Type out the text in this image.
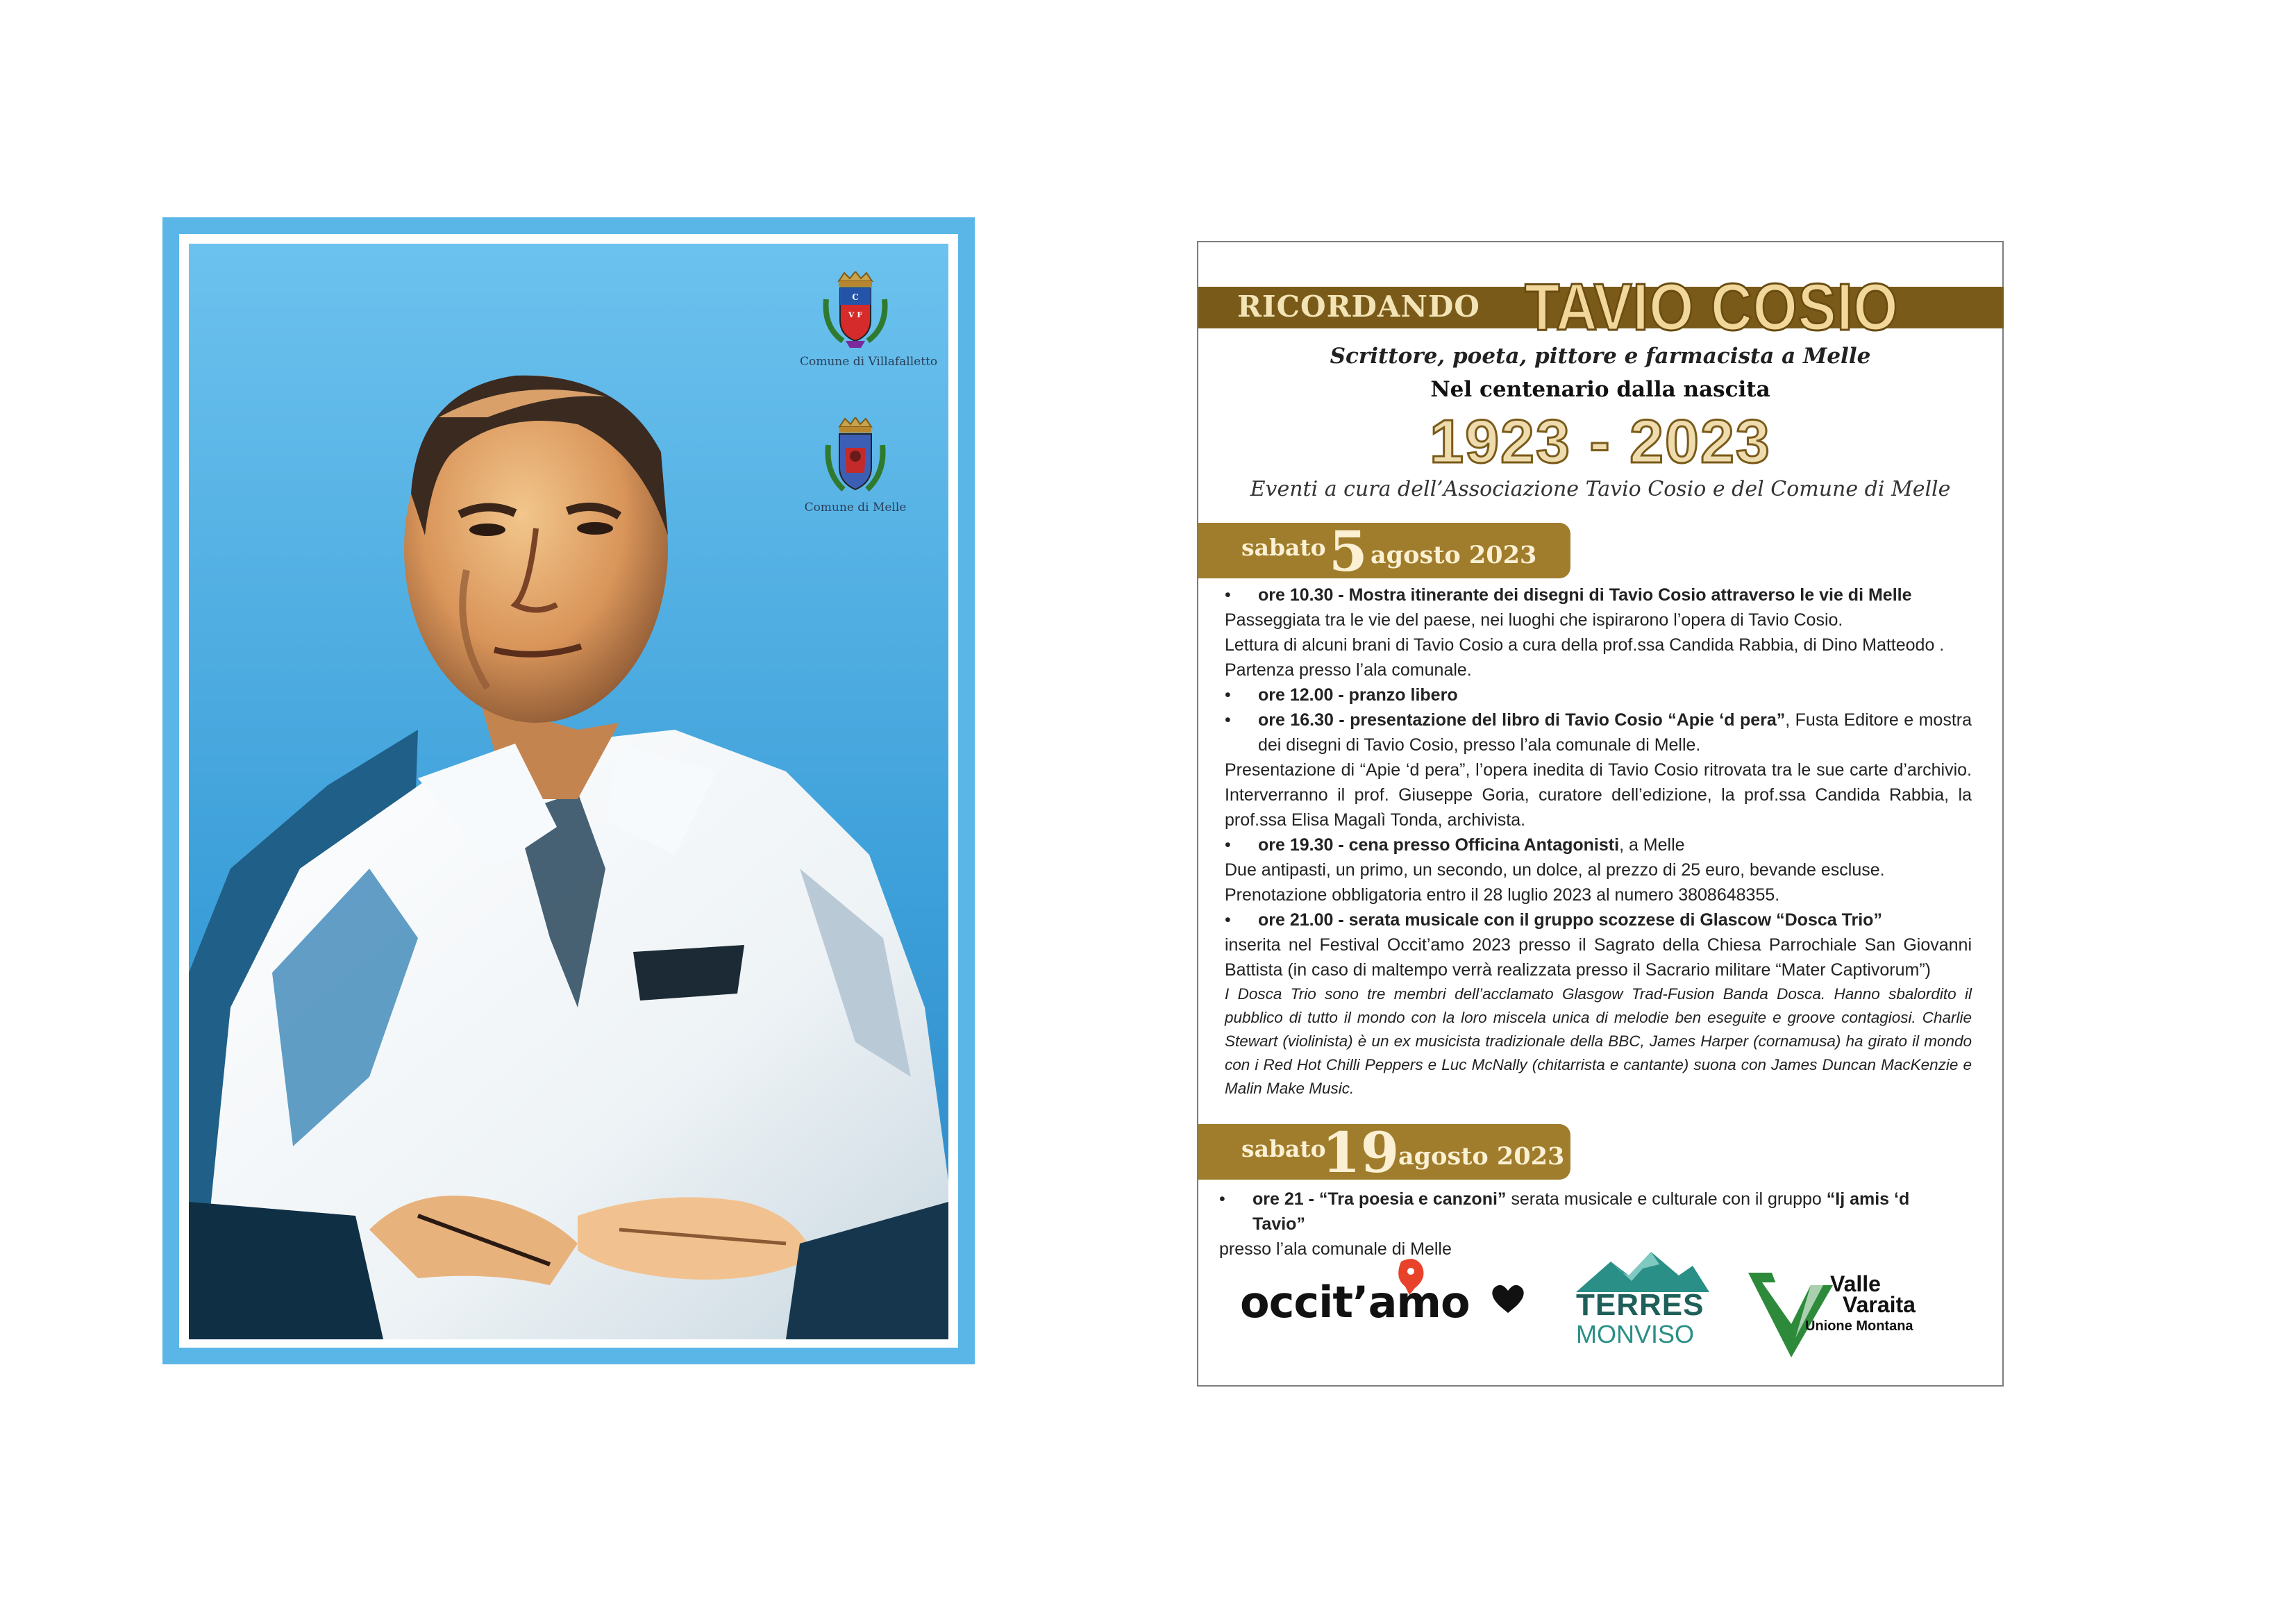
C
V F
Comune di Villafalletto
Comune di Melle
RICORDANDO TAVIO COSIO
Scrittore, poeta, pittore e farmacista a Melle
Nel centenario dalla nascita
1923 - 2023
Eventi a cura dell’Associazione Tavio Cosio e del Comune di Melle
sabato 5 agosto 2023

• ore 10.30 - Mostra itinerante dei disegni di Tavio Cosio attraverso le vie di Melle

Passeggiata tra le vie del paese, nei luoghi che ispirarono l’opera di Tavio Cosio.

Lettura di alcuni brani di Tavio Cosio a cura della prof.ssa Candida Rabbia, di Dino Matteodo .

Partenza presso l’ala comunale.

• ore 12.00 - pranzo libero

• ore 16.30 - presentazione del libro di Tavio Cosio “Apie ‘d pera”, Fusta Editore e mostra dei disegni di Tavio Cosio, presso l’ala comunale di Melle.

Presentazione di “Apie ‘d pera”, l’opera inedita di Tavio Cosio ritrovata tra le sue carte d’archivio. Interverranno il prof. Giuseppe Goria, curatore dell’edizione, la prof.ssa Candida Rabbia, la prof.ssa Elisa Magalì Tonda, archivista.

• ore 19.30 - cena presso Officina Antagonisti, a Melle

Due antipasti, un primo, un secondo, un dolce, al prezzo di 25 euro, bevande escluse.

Prenotazione obbligatoria entro il 28 luglio 2023 al numero 3808648355.

• ore 21.00 - serata musicale con il gruppo scozzese di Glascow “Dosca Trio”

inserita nel Festival Occit’amo 2023 presso il Sagrato della Chiesa Parrochiale San Giovanni Battista (in caso di maltempo verrà realizzata presso il Sacrario militare “Mater Captivorum”)

I Dosca Trio sono tre membri dell’acclamato Glasgow Trad-Fusion Banda Dosca. Hanno sbalordito il pubblico di tutto il mondo con la loro miscela unica di melodie ben eseguite e groove contagiosi. Charlie Stewart (violinista) è un ex musicista tradizionale della BBC, James Harper (cornamusa) ha girato il mondo con i Red Hot Chilli Peppers e Luc McNally (chitarrista e cantante) suona con James Duncan MacKenzie e Malin Make Music.

sabato
19
agosto 2023

• ore 21 - “Tra poesia e canzoni” serata musicale e culturale con il gruppo “Ij amis ‘d Tavio”

presso l’ala comunale di Melle

occit’amo	TERRES
MONVISO
Valle
Varaita
Unione Montana
